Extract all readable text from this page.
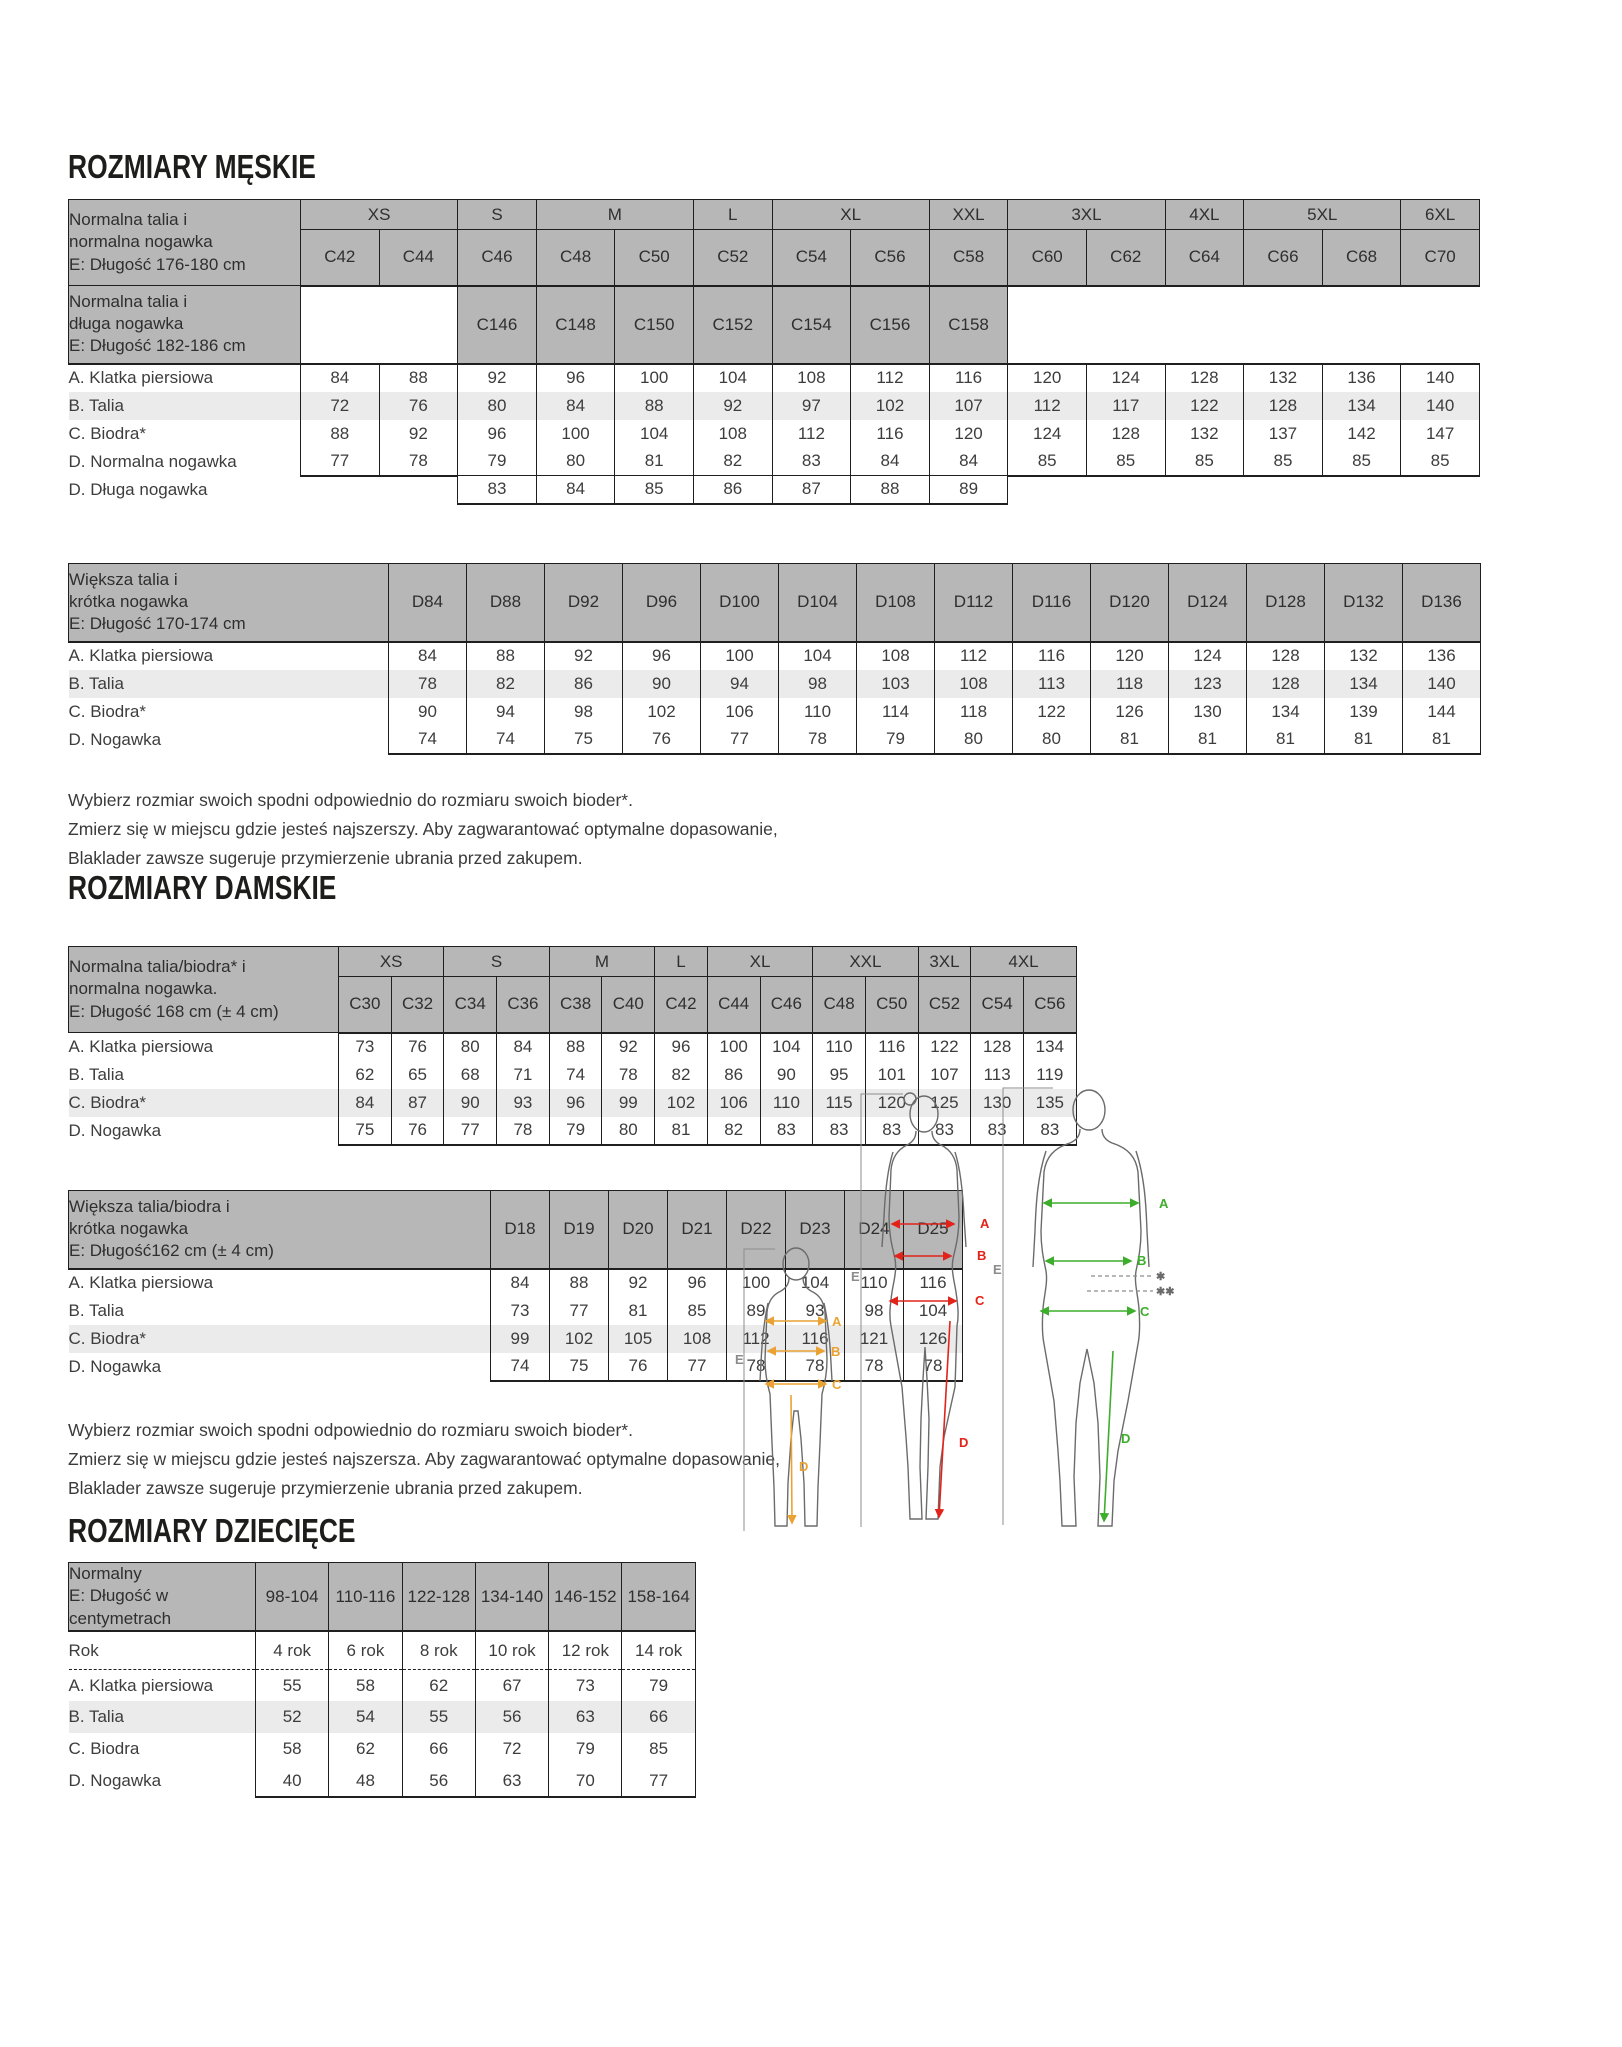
ROZMIARY MĘSKIE
Normalna talia i
normalna nogawka
E: Długość 176-180 cm	XS		S	M		L	XL		XXL	3XL		4XL	5XL		6XL
	C42	C44	C46	C48	C50	C52	C54	C56	C58	C60	C62	C64	C66	C68	C70

Normalna talia i
długa nogawka
E: Długość 182-186 cm			C146	C148	C150	C152	C154	C156	C158						
A. Klatka piersiowa	84	88	92	96	100	104	108	112	116	120	124	128	132	136	140
B. Talia	72	76	80	84	88	92	97	102	107	112	117	122	128	134	140
C. Biodra*	88	92	96	100	104	108	112	116	120	124	128	132	137	142	147
D. Normalna nogawka	77	78	79	80	81	82	83	84	84	85	85	85	85	85	85
D. Długa nogawka			83	84	85	86	87	88	89						
Większa talia i
krótka nogawka
E: Długość 170-174 cm	D84	D88	D92	D96	D100	D104	D108	D112	D116	D120	D124	D128	D132	D136
A. Klatka piersiowa	84	88	92	96	100	104	108	112	116	120	124	128	132	136
B. Talia	78	82	86	90	94	98	103	108	113	118	123	128	134	140
C. Biodra*	90	94	98	102	106	110	114	118	122	126	130	134	139	144
D. Nogawka	74	74	75	76	77	78	79	80	80	81	81	81	81	81
Wybierz rozmiar swoich spodni odpowiednio do rozmiaru swoich bioder*.
Zmierz się w miejscu gdzie jesteś najszerszy. Aby zagwarantować optymalne dopasowanie,
Blaklader zawsze sugeruje przymierzenie ubrania przed zakupem.
ROZMIARY DAMSKIE
Normalna talia/biodra* i
normalna nogawka.
E: Długość 168 cm (± 4 cm)	XS		S		M		L	XL		XXL		3XL	4XL	
	C30	C32	C34	C36	C38	C40	C42	C44	C46	C48	C50	C52	C54	C56
A. Klatka piersiowa	73	76	80	84	88	92	96	100	104	110	116	122	128	134
B. Talia	62	65	68	71	74	78	82	86	90	95	101	107	113	119
C. Biodra*	84	87	90	93	96	99	102	106	110	115	120	125	130	135
D. Nogawka	75	76	77	78	79	80	81	82	83	83	83	83	83	83
Większa talia/biodra i
krótka nogawka
E: Długość162 cm (± 4 cm)	D18	D19	D20	D21	D22	D23	D24	D25
A. Klatka piersiowa	84	88	92	96	100	104	110	116
B. Talia	73	77	81	85	89	93	98	104
C. Biodra*	99	102	105	108	112	116	121	126
D. Nogawka	74	75	76	77	78	78	78	78
Wybierz rozmiar swoich spodni odpowiednio do rozmiaru swoich bioder*.
Zmierz się w miejscu gdzie jesteś najszersza. Aby zagwarantować optymalne dopasowanie,
Blaklader zawsze sugeruje przymierzenie ubrania przed zakupem.
ROZMIARY DZIECIĘCE
Normalny
E: Długość w centymetrach	98-104	110-116	122-128	134-140	146-152	158-164
Rok	4 rok	6 rok	8 rok	10 rok	12 rok	14 rok
A. Klatka piersiowa	55	58	62	67	73	79
B. Talia	52	54	55	56	63	66
C. Biodra	58	62	66	72	79	85
D. Nogawka	40	48	56	63	70	77
A
B
C
D
E
A
B
C
D
E
A
B
C
D
E	✱
✱✱
